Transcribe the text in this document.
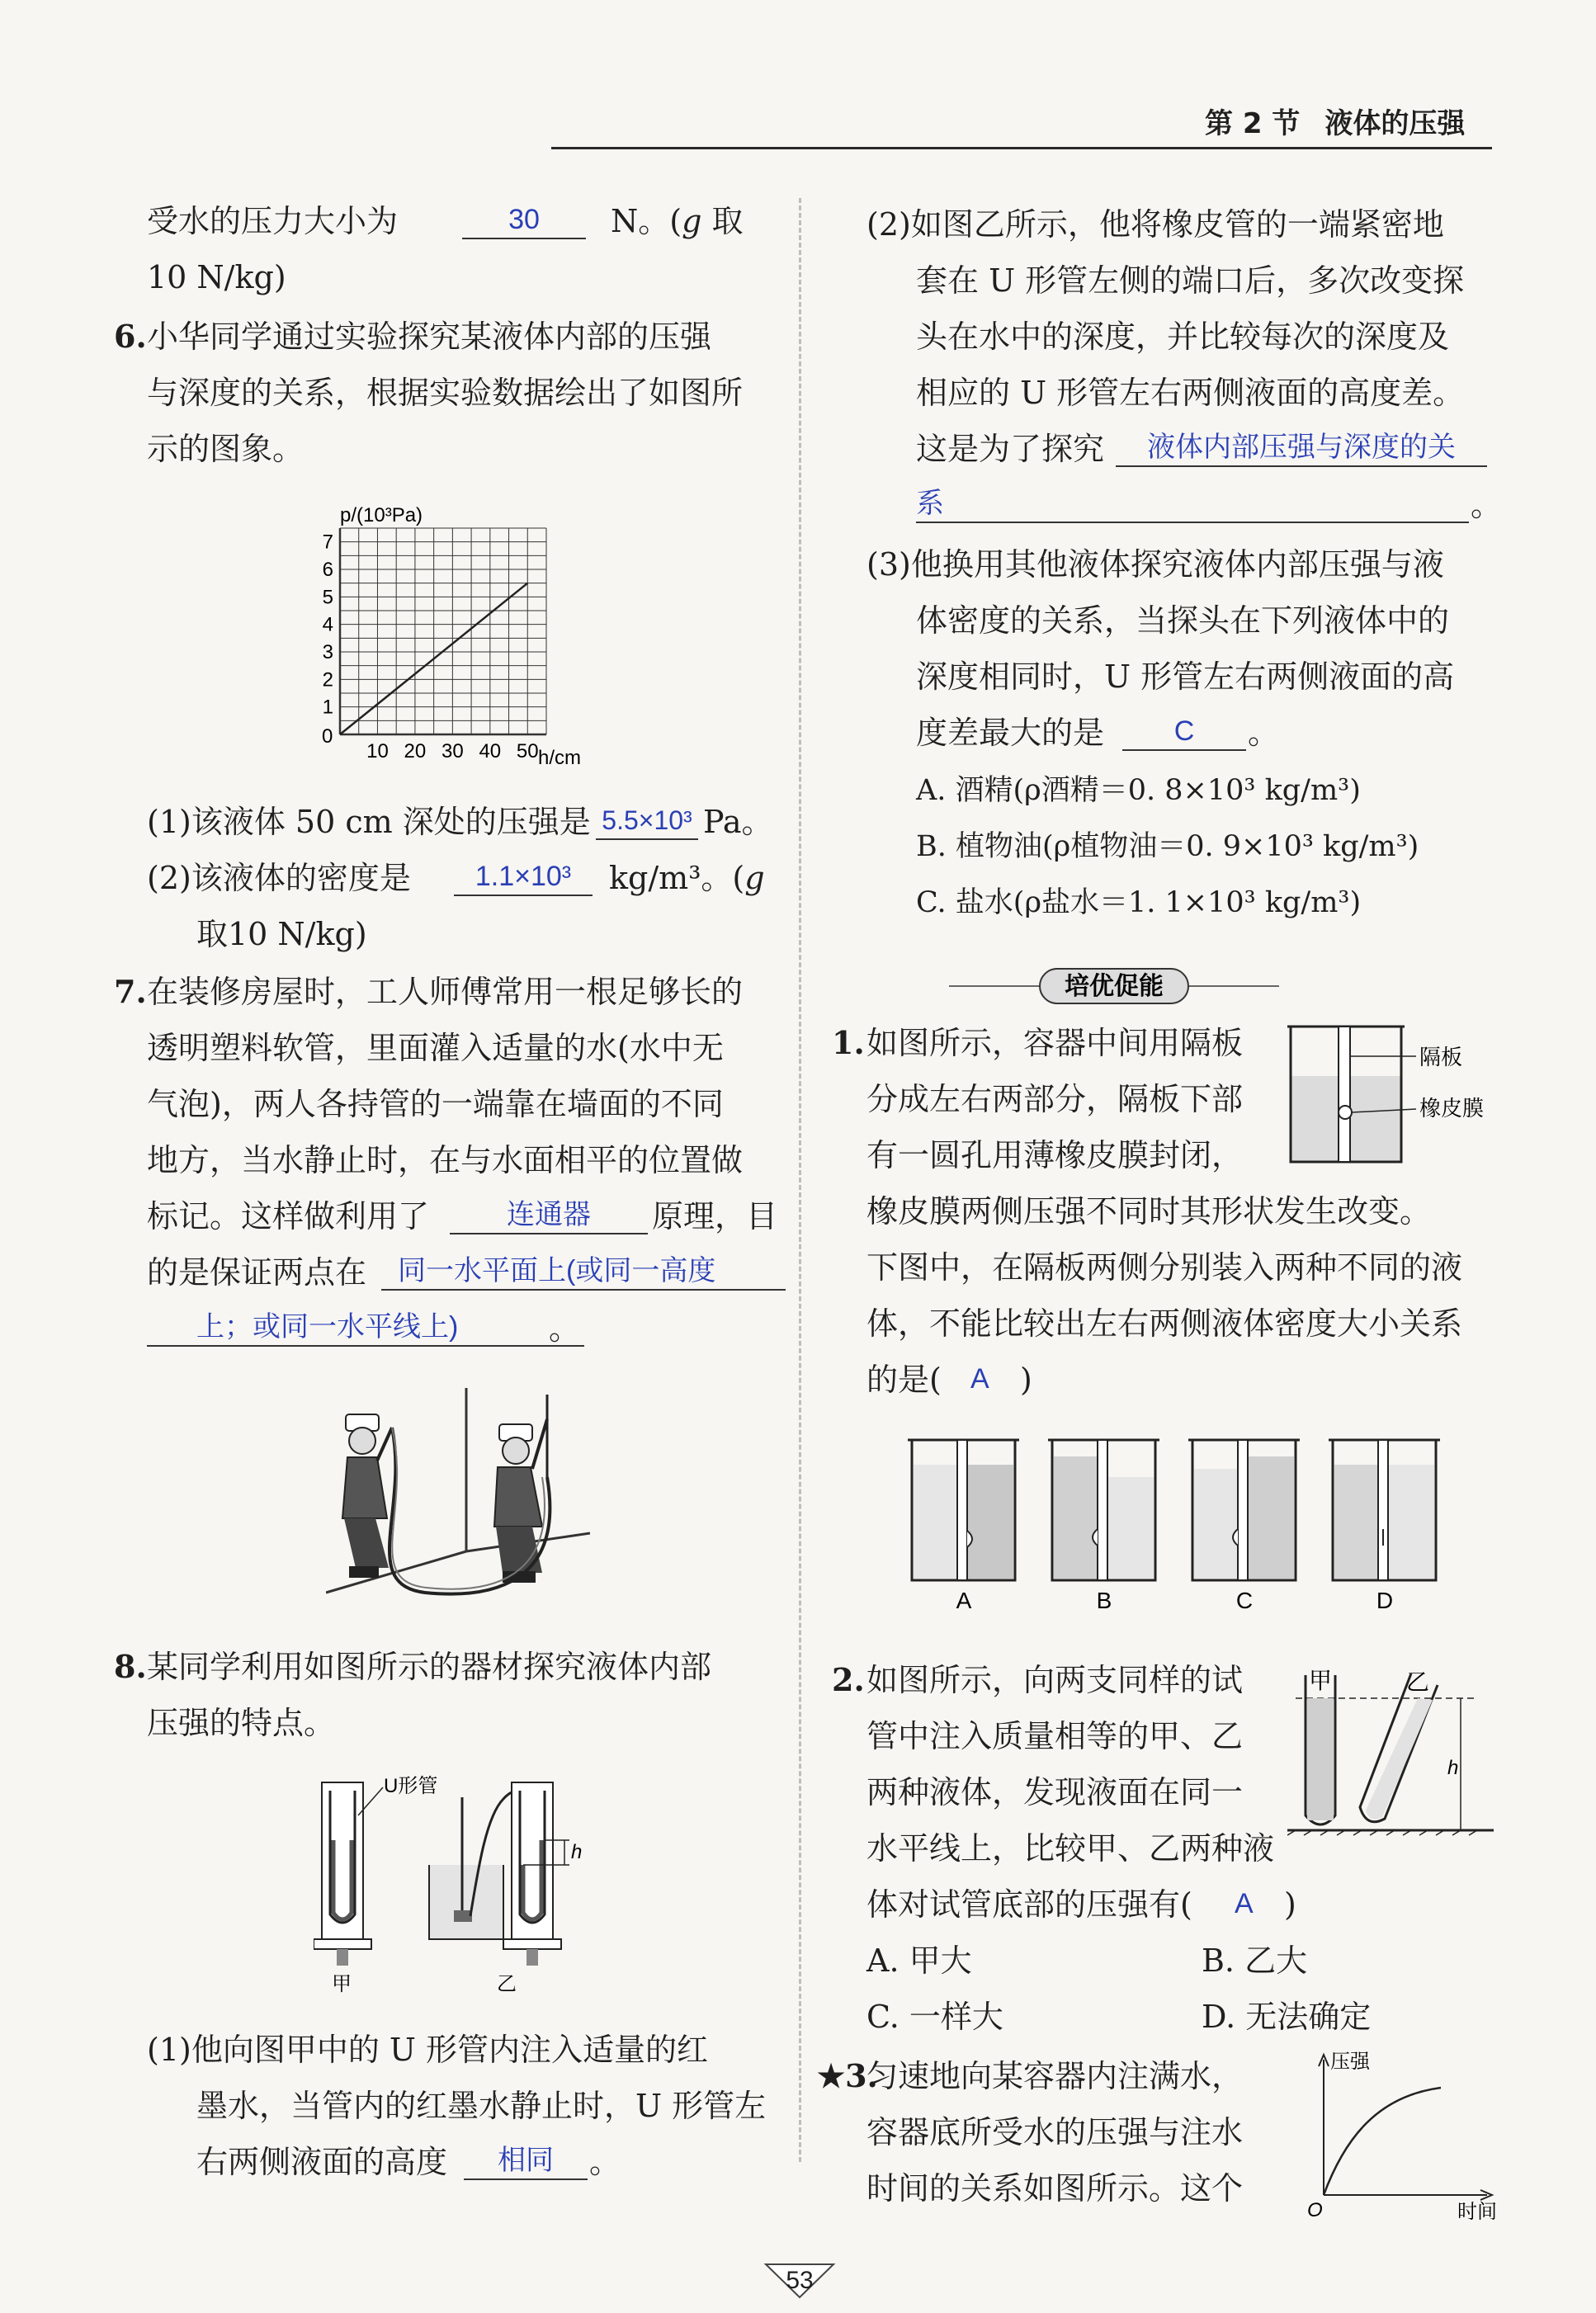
第 2 节 液体的压强
受水的压力大小为	30	N。(g 取
10 N/kg)
6. 小华同学通过实验探究某液体内部的压强
与深度的关系，根据实验数据绘出了如图所
示的图象。
10 20 30 40 50
1
2
3
4
5
6
7
p/(10³Pa)
h/cm
0
(1)该液体 50 cm 深处的压强是 5.5×10³ Pa。
(2)该液体的密度是	1.1×10³	kg/m³。(g
取10 N/kg)
7. 在装修房屋时，工人师傅常用一根足够长的
透明塑料软管，里面灌入适量的水(水中无
气泡)，两人各持管的一端靠在墙面的不同
地方，当水静止时，在与水面相平的位置做
标记。这样做利用了	连通器	原理，目
的是保证两点在	同一水平面上(或同一高度
上；或同一水平线上)	。
8. 某同学利用如图所示的器材探究液体内部
压强的特点。
U形管
甲
h
乙
(1)他向图甲中的 U 形管内注入适量的红
墨水，当管内的红墨水静止时，U 形管左
右两侧液面的高度	相同	。
(2)如图乙所示，他将橡皮管的一端紧密地
套在 U 形管左侧的端口后，多次改变探
头在水中的深度，并比较每次的深度及
相应的 U 形管左右两侧液面的高度差。
这是为了探究	液体内部压强与深度的关
系	。
(3)他换用其他液体探究液体内部压强与液
体密度的关系，当探头在下列液体中的
深度相同时，U 形管左右两侧液面的高
度差最大的是	C	。
A. 酒精(ρ酒精＝0. 8×10³ kg/m³)
B. 植物油(ρ植物油＝0. 9×10³ kg/m³)
C. 盐水(ρ盐水＝1. 1×10³ kg/m³)
培优促能
1. 如图所示，容器中间用隔板
分成左右两部分，隔板下部
有一圆孔用薄橡皮膜封闭，
橡皮膜两侧压强不同时其形状发生改变。
下图中，在隔板两侧分别装入两种不同的液
体，不能比较出左右两侧液体密度大小关系
的是( A )
隔板
橡皮膜
A	B	C	D
2. 如图所示，向两支同样的试
管中注入质量相等的甲、乙
两种液体，发现液面在同一
水平线上，比较甲、乙两种液
体对试管底部的压强有( A )
A. 甲大	B. 乙大
C. 一样大	D. 无法确定
甲	乙
h
★3.
匀速地向某容器内注满水，
容器底所受水的压强与注水
时间的关系如图所示。这个
压强
时间
O
53
